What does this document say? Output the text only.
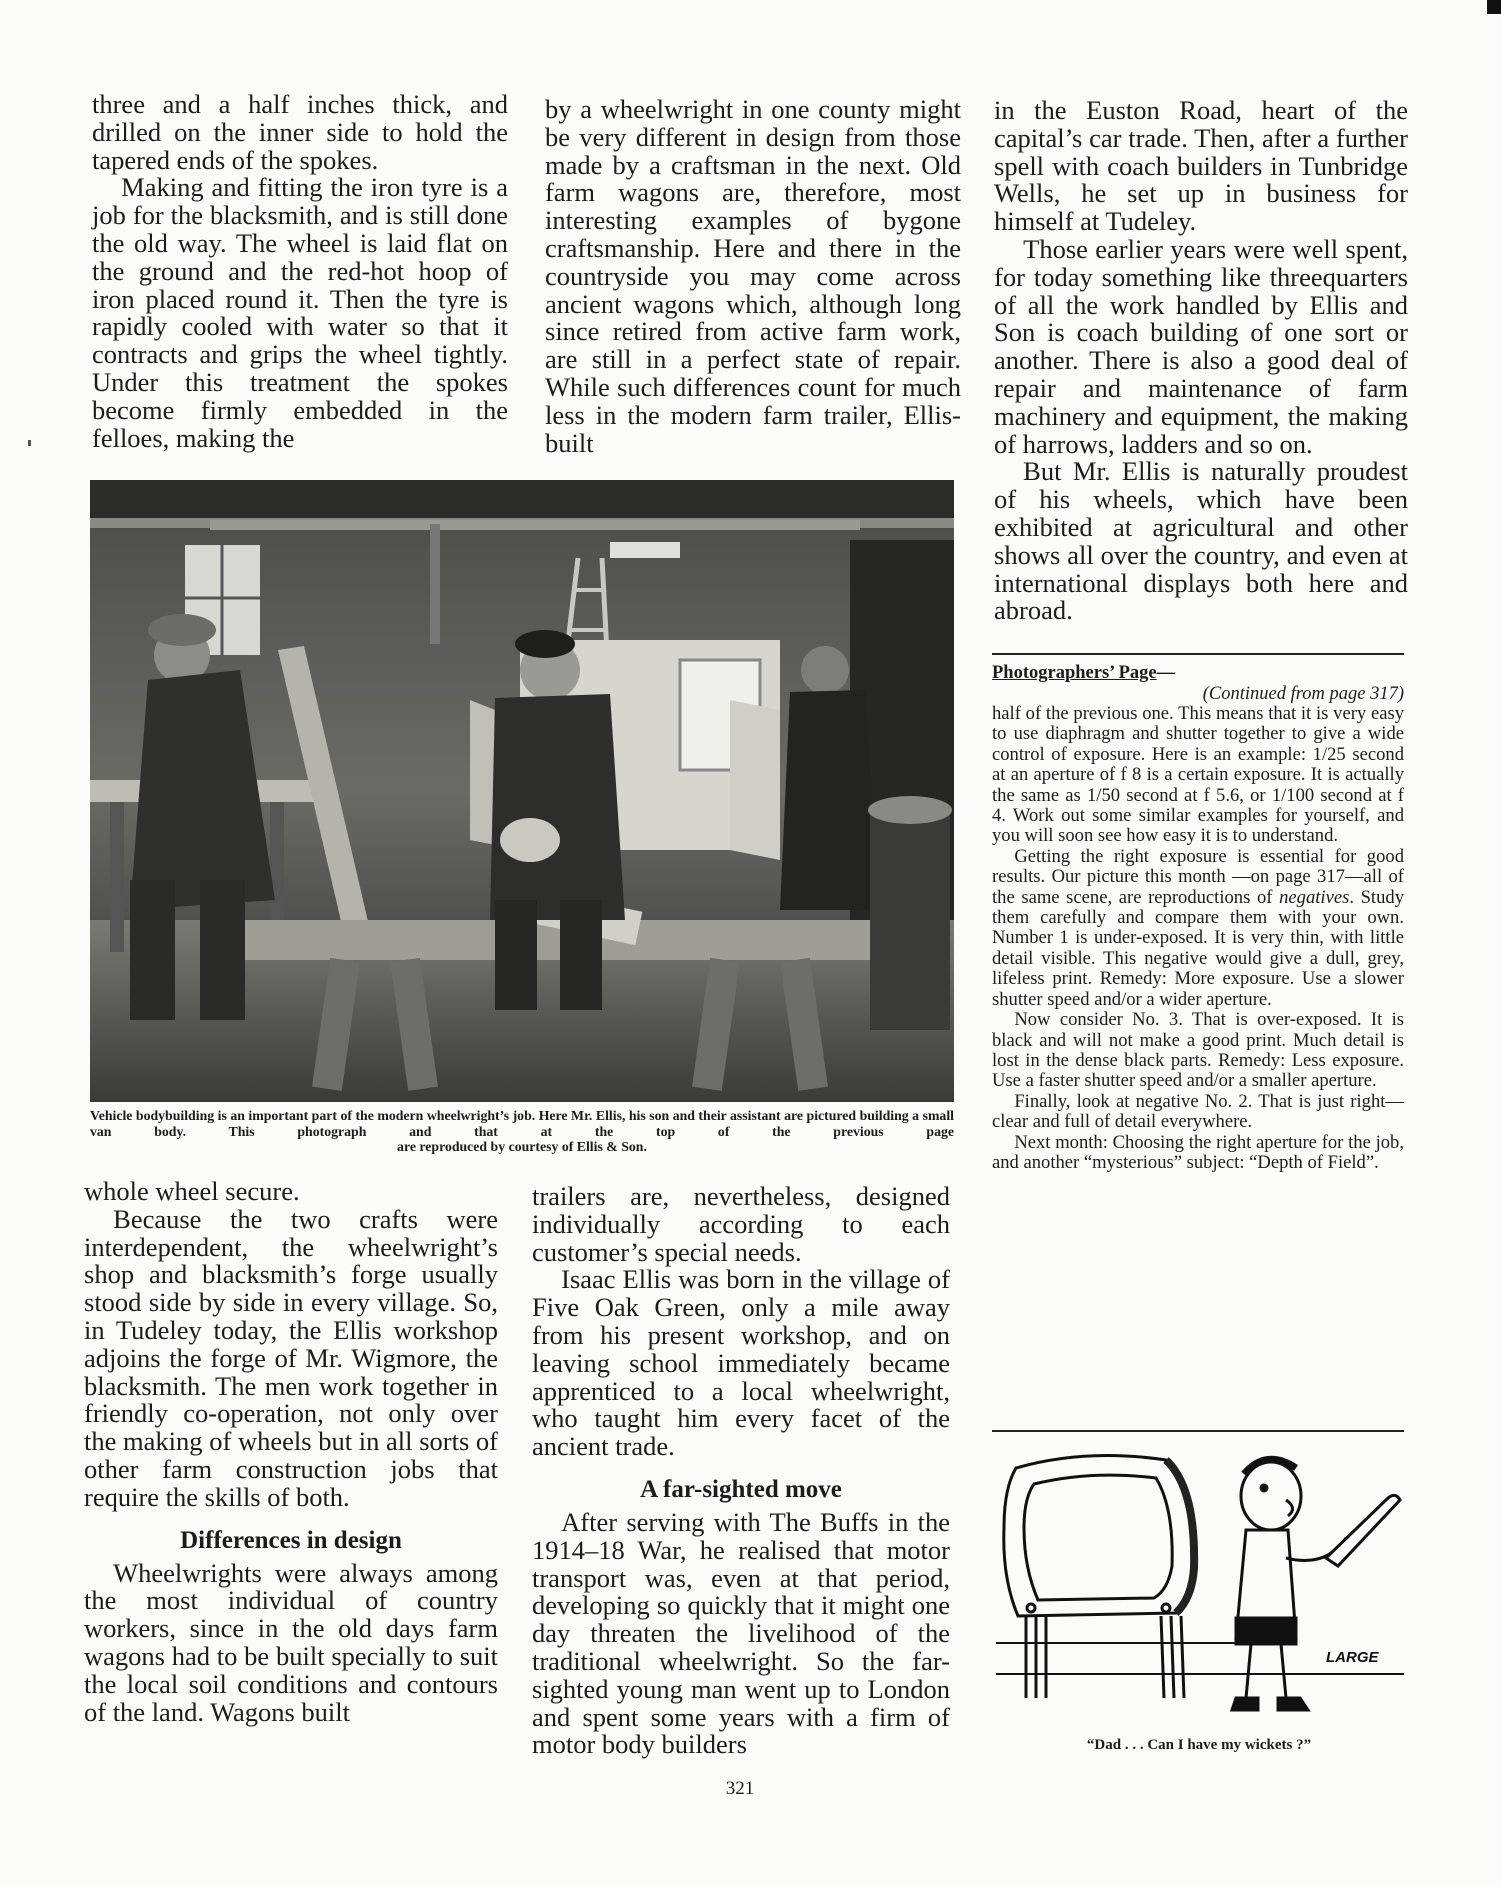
three and a half inches thick, and drilled on the inner side to hold the tapered ends of the spokes.

Making and fitting the iron tyre is a job for the blacksmith, and is still done the old way. The wheel is laid flat on the ground and the red-hot hoop of iron placed round it. Then the tyre is rapidly cooled with water so that it contracts and grips the wheel tightly. Under this treatment the spokes become firmly embedded in the felloes, making the

by a wheelwright in one county might be very different in design from those made by a craftsman in the next. Old farm wagons are, therefore, most interesting examples of bygone craftsmanship. Here and there in the countryside you may come across ancient wagons which, although long since retired from active farm work, are still in a perfect state of repair. While such differences count for much less in the modern farm trailer, Ellis-built

in the Euston Road, heart of the capital’s car trade. Then, after a further spell with coach builders in Tunbridge Wells, he set up in business for himself at Tudeley.

Those earlier years were well spent, for today something like threequarters of all the work handled by Ellis and Son is coach building of one sort or another. There is also a good deal of repair and maintenance of farm machinery and equipment, the making of harrows, ladders and so on.

But Mr. Ellis is naturally proudest of his wheels, which have been exhibited at agricultural and other shows all over the country, and even at international displays both here and abroad.

Vehicle bodybuilding is an important part of the modern wheelwright’s job. Here Mr. Ellis, his son and their assistant are pictured building a small van body. This photograph and that at the top of the previous page
are reproduced by courtesy of Ellis & Son.

whole wheel secure.

Because the two crafts were interdependent, the wheelwright’s shop and blacksmith’s forge usually stood side by side in every village. So, in Tudeley today, the Ellis workshop adjoins the forge of Mr. Wigmore, the blacksmith. The men work together in friendly co-operation, not only over the making of wheels but in all sorts of other farm construction jobs that require the skills of both.

Differences in design

Wheelwrights were always among the most individual of country workers, since in the old days farm wagons had to be built specially to suit the local soil conditions and contours of the land. Wagons built

trailers are, nevertheless, designed individually according to each customer’s special needs.

Isaac Ellis was born in the village of Five Oak Green, only a mile away from his present workshop, and on leaving school immediately became apprenticed to a local wheelwright, who taught him every facet of the ancient trade.

A far-sighted move

After serving with The Buffs in the 1914–18 War, he realised that motor transport was, even at that period, developing so quickly that it might one day threaten the livelihood of the traditional wheelwright. So the far-sighted young man went up to London and spent some years with a firm of motor body builders

Photographers’ Page—
(Continued from page 317)

half of the previous one. This means that it is very easy to use diaphragm and shutter together to give a wide control of exposure. Here is an example: 1/25 second at an aperture of f 8 is a certain exposure. It is actually the same as 1/50 second at f 5.6, or 1/100 second at f 4. Work out some similar examples for yourself, and you will soon see how easy it is to understand.

Getting the right exposure is essential for good results. Our picture this month —on page 317—all of the same scene, are reproductions of negatives. Study them carefully and compare them with your own. Number 1 is under-exposed. It is very thin, with little detail visible. This negative would give a dull, grey, lifeless print. Remedy: More exposure. Use a slower shutter speed and/or a wider aperture.

Now consider No. 3. That is over-exposed. It is black and will not make a good print. Much detail is lost in the dense black parts. Remedy: Less exposure. Use a faster shutter speed and/or a smaller aperture.

Finally, look at negative No. 2. That is just right—clear and full of detail everywhere.

Next month: Choosing the right aperture for the job, and another “mysterious” subject: “Depth of Field”.

LARGE
“Dad . . . Can I have my wickets ?”
321
